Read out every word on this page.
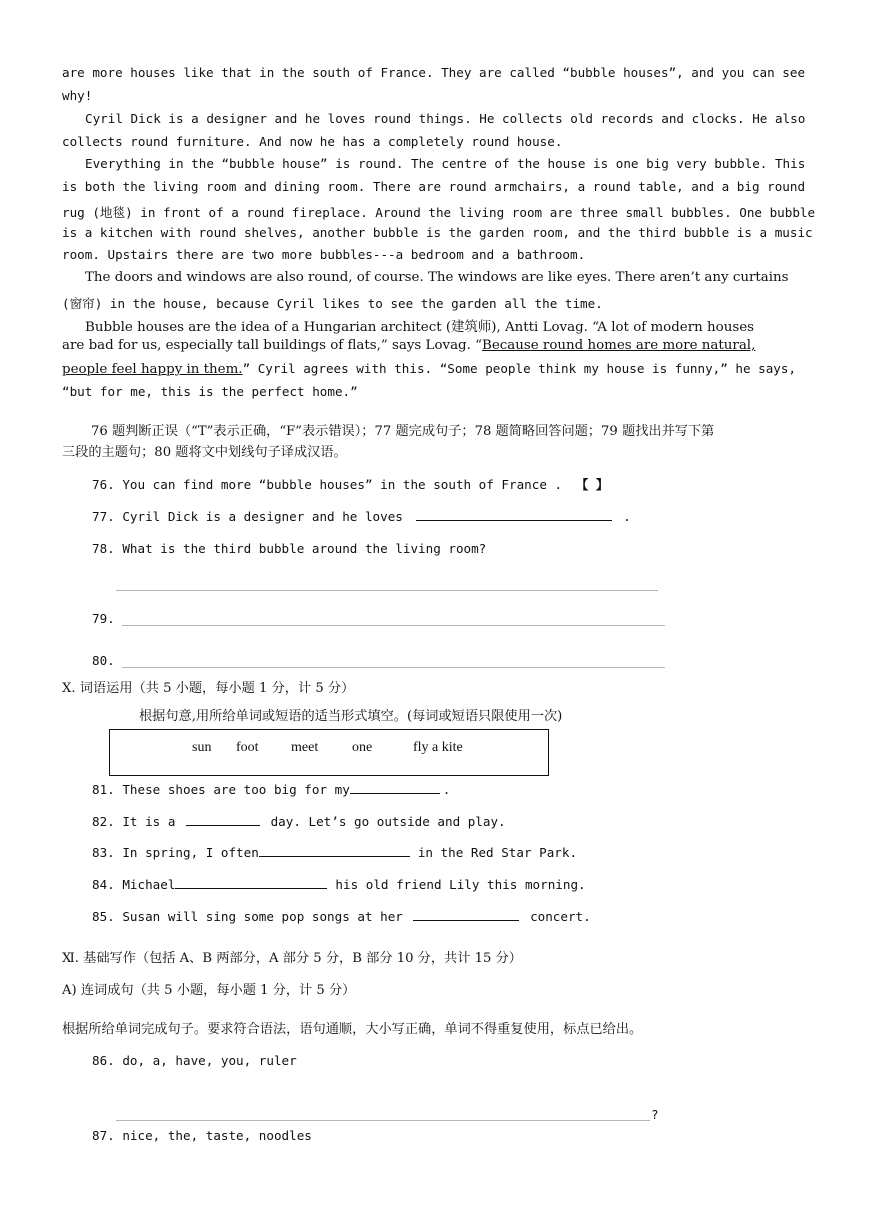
are more houses like that in the south of France. They are called “bubble houses”, and you can see
why!
Cyril Dick is a designer and he loves round things. He collects old records and clocks. He also
collects round furniture. And now he has a completely round house.
Everything in the “bubble house” is round. The centre of the house is one big very bubble. This
is both the living room and dining room. There are round armchairs, a round table, and a big round
rug (地毯) in front of a round fireplace. Around the living room are three small bubbles. One bubble
is a kitchen with round shelves, another bubble is the garden room, and the third bubble is a music
room. Upstairs there are two more bubbles---a bedroom and a bathroom.
The doors and windows are also round, of course. The windows are like eyes. There aren’t any curtains
(窗帘) in the house, because Cyril likes to see the garden all the time.
Bubble houses are the idea of a Hungarian architect (建筑师), Antti Lovag. “A lot of modern houses
are bad for us, especially tall buildings of flats,” says Lovag. “Because round homes are more natural,
people feel happy in them.” Cyril agrees with this. “Some people think my house is funny,” he says,
“but for me, this is the perfect home.”
76 题判断正误（“T”表示正确，“F”表示错误）；77 题完成句子；78 题简略回答问题；79 题找出并写下第
三段的主题句；80 题将文中划线句子译成汉语。
76. You can find more “bubble houses” in the south of France . 【 】
77. Cyril Dick is a designer and he loves	.
78. What is the third bubble around the living room?
79.
80.
Ⅹ. 词语运用（共 5 小题，每小题 1 分，计 5 分）
根据句意,用所给单词或短语的适当形式填空。(每词或短语只限使用一次)
sun foot meet one	fly a kite
81. These shoes are too big for my	.
82. It is a	day. Let’s go outside and play.
83. In spring, I often	in the Red Star Park.
84. Michael	his old friend Lily this morning.
85. Susan will sing some pop songs at her	concert.
Ⅺ. 基础写作（包括 A、B 两部分，A 部分 5 分，B 部分 10 分，共计 15 分）
A) 连词成句（共 5 小题，每小题 1 分，计 5 分）
根据所给单词完成句子。要求符合语法，语句通顺，大小写正确，单词不得重复使用，标点已给出。
86. do, a, have, you, ruler
?
87. nice, the, taste, noodles
